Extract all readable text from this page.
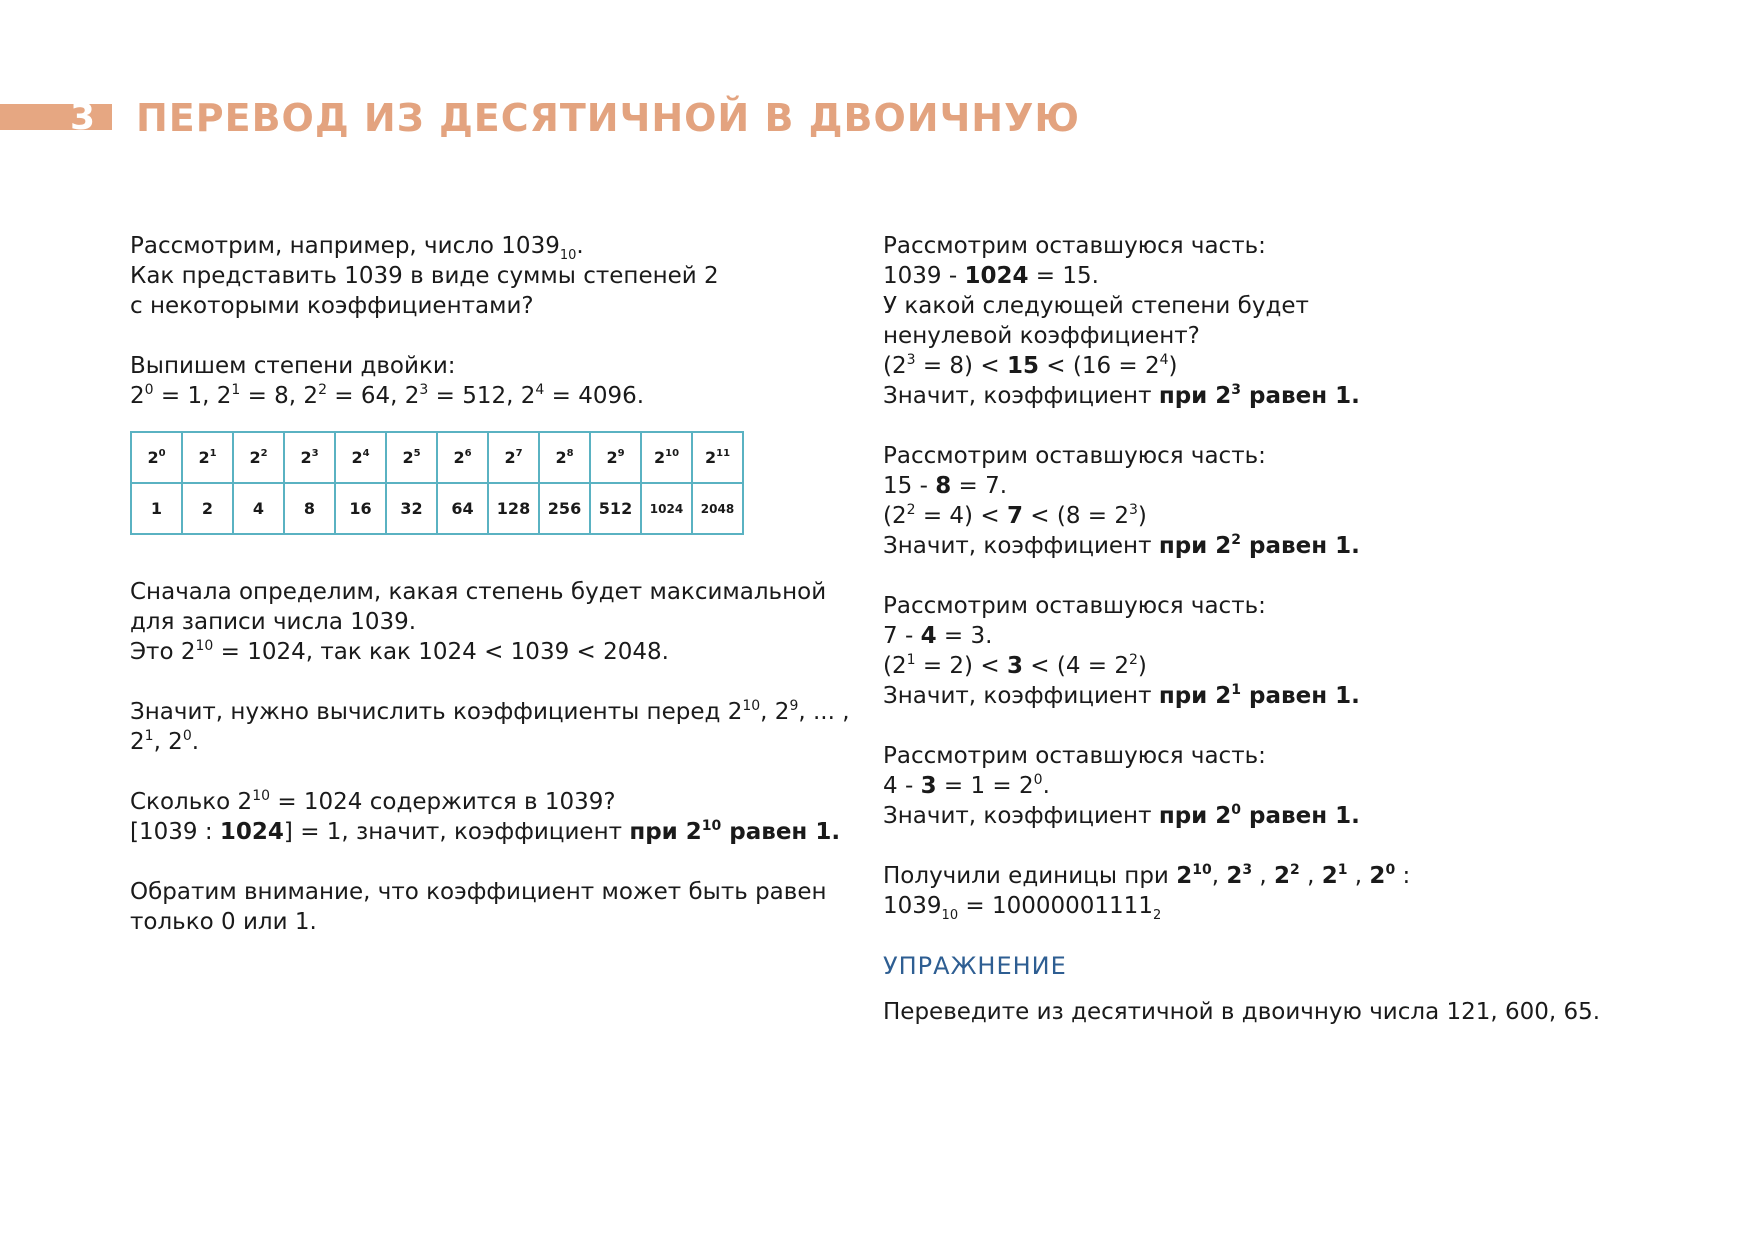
3 ПЕРЕВОД ИЗ ДЕСЯТИЧНОЙ В ДВОИЧНУЮ
Рассмотрим, например, число $1039_{10}$.
Как представить 1039 в виде суммы степеней 2
с некоторыми коэффициентами?
Выпишем степени двойки:
$2^0 = 1$, $2^1 = 8$, $2^2 = 64$, $2^3 = 512$, $2^4 = 4096$.
$2^0$	$2^1$	$2^2$	$2^3$	$2^4$	$2^5$	$2^6$	$2^7$	$2^8$	$2^9$	$2^{10}$	$2^{11}$
1	2	4	8	16	32	64	128	256	512	1024	2048
Сначала определим, какая степень будет максимальной
для записи числа 1039.
Это $2^{10} = 1024$, так как 1024 < 1039 < 2048.
Значит, нужно вычислить коэффициенты перед $2^{10}$, $2^9$, ... ,
$2^1$, $2^0$.
Сколько $2^{10} = 1024$ содержится в 1039?
[1039 : 1024] = 1, значит, коэффициент при $2^{10}$ равен 1.
Обратим внимание, что коэффициент может быть равен
только 0 или 1.
Рассмотрим оставшуюся часть:
1039 - 1024 = 15.
У какой следующей степени будет
ненулевой коэффициент?
$(2^3 = 8) < 15 < (16 = 2^4)$
Значит, коэффициент при $2^3$ равен 1.
Рассмотрим оставшуюся часть:
15 - 8 = 7.
$(2^2 = 4) < 7 < (8 = 2^3)$
Значит, коэффициент при $2^2$ равен 1.
Рассмотрим оставшуюся часть:
7 - 4 = 3.
$(2^1 = 2) < 3 < (4 = 2^2)$
Значит, коэффициент при $2^1$ равен 1.
Рассмотрим оставшуюся часть:
$4 - 3 = 1 = 2^0$.
Значит, коэффициент при $2^0$ равен 1.
Получили единицы при $2^{10}$, $2^3$ , $2^2$ , $2^1$ , $2^0$ :
$1039_{10} = 10000001111_2$
УПРАЖНЕНИЕ
Переведите из десятичной в двоичную числа 121, 600, 65.
